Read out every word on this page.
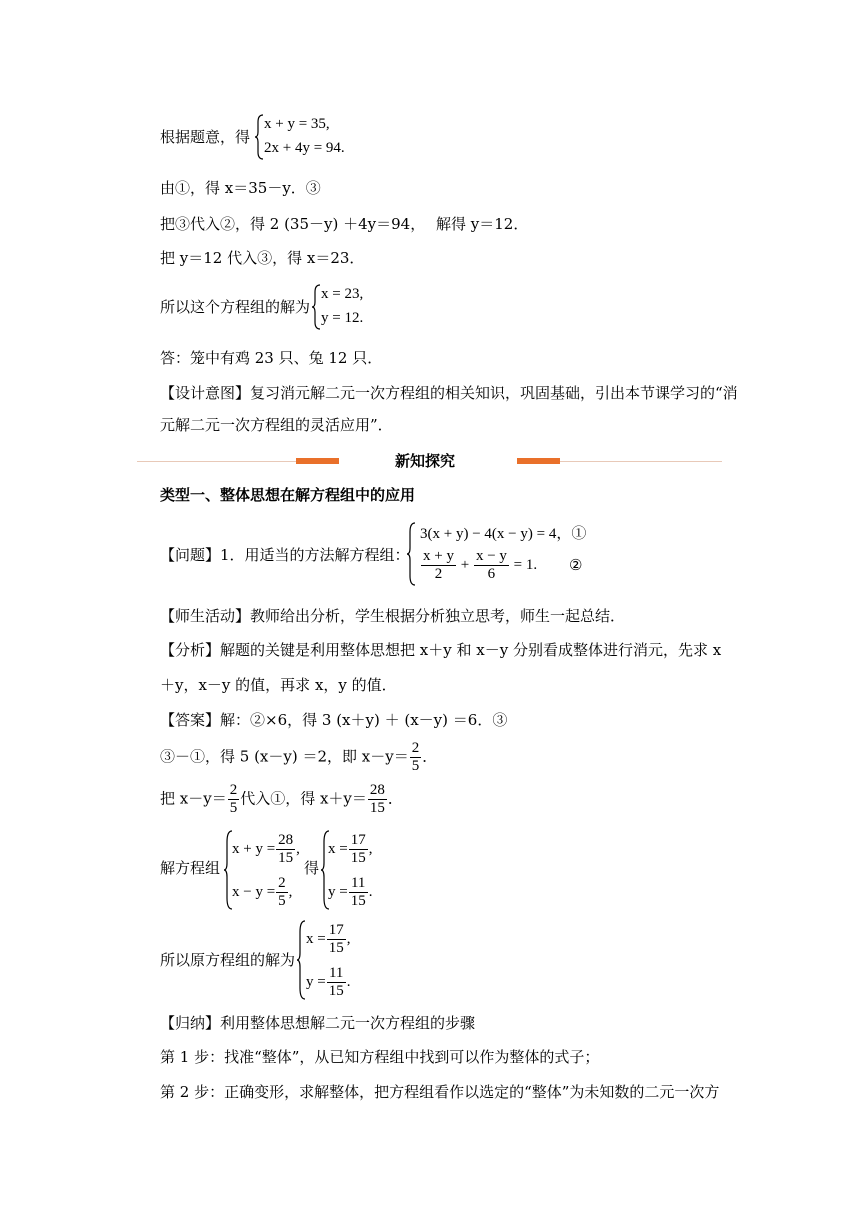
根据题意，得
x + y = 35,
2x + 4y = 94.
由①，得 x＝35－y．③
把③代入②，得 2 (35－y) ＋4y＝94， 解得 y＝12．
把 y＝12 代入③，得 x＝23．
所以这个方程组的解为
x = 23,
y = 12.
答：笼中有鸡 23 只、兔 12 只．
【设计意图】复习消元解二元一次方程组的相关知识，巩固基础，引出本节课学习的“消
元解二元一次方程组的灵活应用”．
新知探究
类型一、整体思想在解方程组中的应用
【问题】1．用适当的方法解方程组：
3(x + y) − 4(x − y) = 4，①
$\frac{x + y}{2} + \frac{x - y}{6} = 1$. ②
【师生活动】教师给出分析，学生根据分析独立思考，师生一起总结．
【分析】解题的关键是利用整体思想把 x＋y 和 x－y 分别看成整体进行消元，先求 x
＋y，x－y 的值，再求 x，y 的值．
【答案】解：②×6，得 3 (x＋y) ＋ (x－y) ＝6．③
③－①，得 5 (x－y) ＝2，即 $x-y= \frac{2}{5}$ ．
把 $x-y= \frac{2}{5}$ 代入①，得 $x+y= \frac{28}{15}$ ．
解方程组
$x + y = \frac{28}{15}$ ,
$x - y = \frac{2}{5}$ ,
得
$x = \frac{17}{15}$ ,
$y = \frac{11}{15}$ .
所以原方程组的解为
$x = \frac{17}{15}$ ,
$y = \frac{11}{15}$ .
【归纳】利用整体思想解二元一次方程组的步骤
第 1 步：找准“整体”，从已知方程组中找到可以作为整体的式子；
第 2 步：正确变形，求解整体，把方程组看作以选定的“整体”为未知数的二元一次方
